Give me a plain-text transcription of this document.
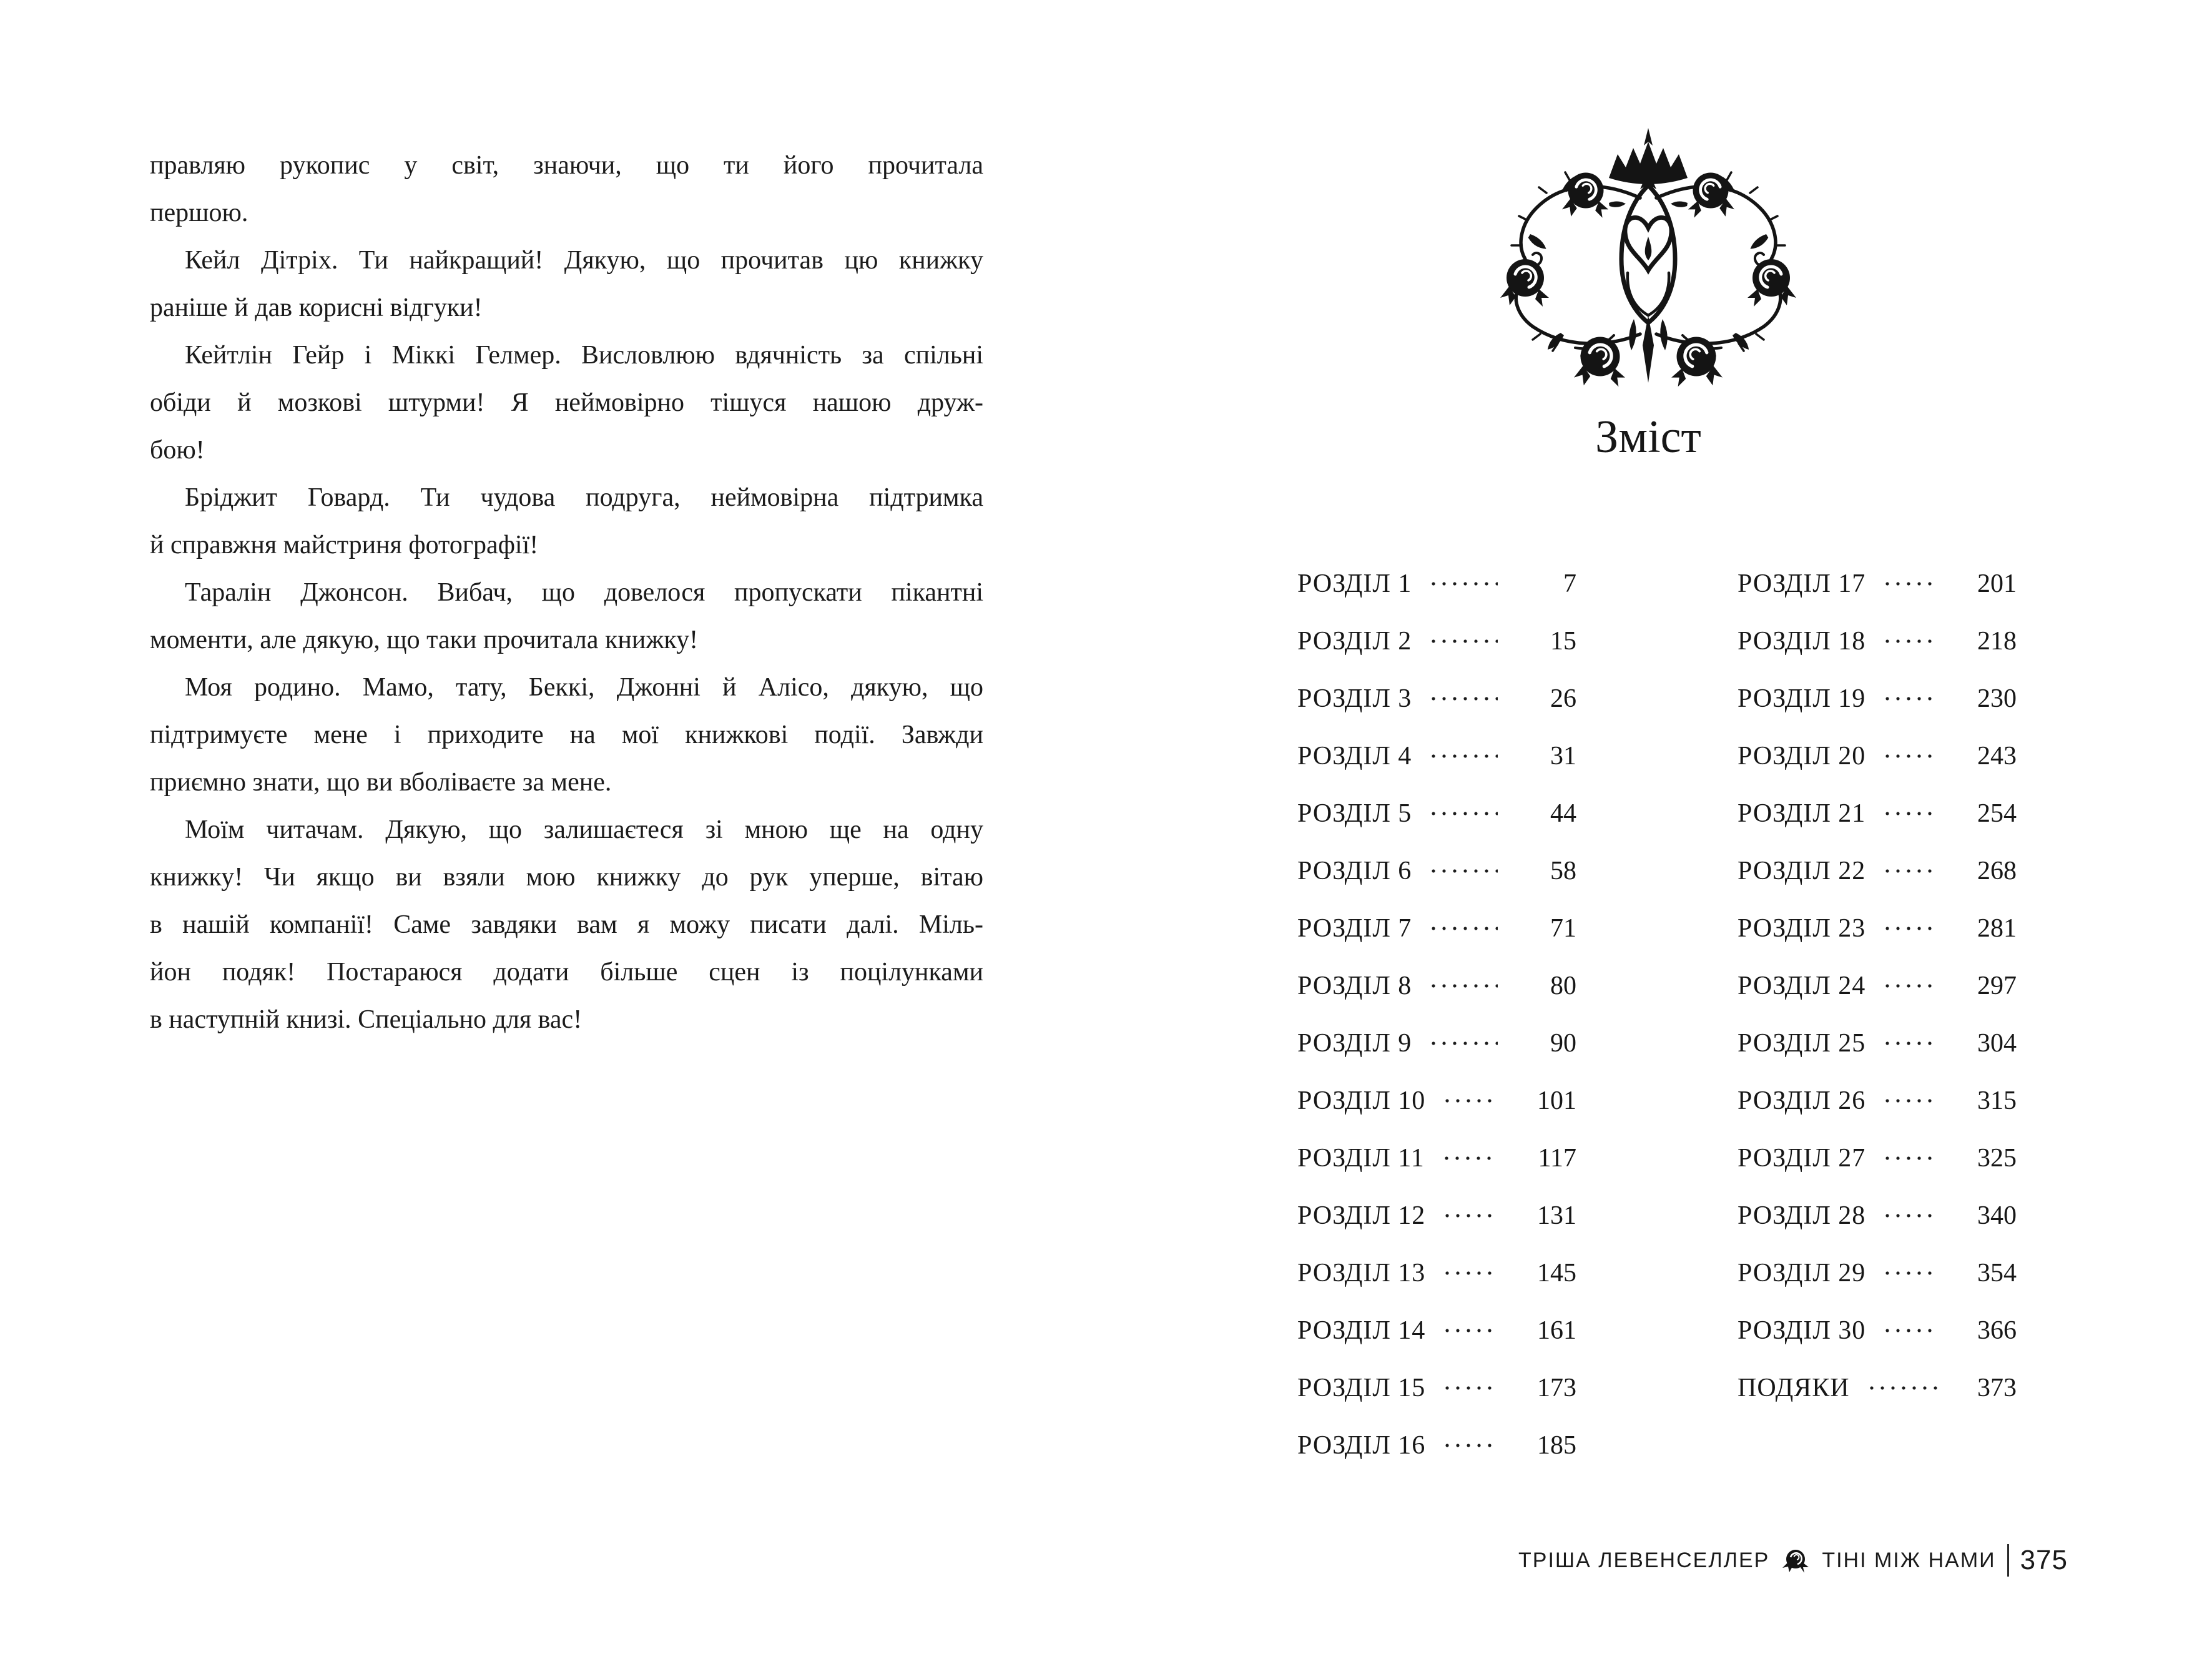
правляю рукопис у світ, знаючи, що ти його прочитала
першою.
Кейл Дітріх. Ти найкращий! Дякую, що прочитав цю книжку
раніше й дав корисні відгуки!
Кейтлін Гейр і Міккі Гелмер. Висловлюю вдячність за спільні
обіди й мозкові штурми! Я неймовірно тішуся нашою друж-
бою!
Бріджит Говард. Ти чудова подруга, неймовірна підтримка
й справжня майстриня фотографії!
Таралін Джонсон. Вибач, що довелося пропускати пікантні
моменти, але дякую, що таки прочитала книжку!
Моя родино. Мамо, тату, Беккі, Джонні й Алісо, дякую, що
підтримуєте мене і приходите на мої книжкові події. Завжди
приємно знати, що ви вболіваєте за мене.
Моїм читачам. Дякую, що залишаєтеся зі мною ще на одну
книжку! Чи якщо ви взяли мою книжку до рук уперше, вітаю
в нашій компанії! Саме завдяки вам я можу писати далі. Міль-
йон подяк! Постараюся додати більше сцен із поцілунками
в наступній книзі. Спеціально для вас!
Зміст
РОЗДІЛ 1	7
РОЗДІЛ 2	15
РОЗДІЛ 3	26
РОЗДІЛ 4	31
РОЗДІЛ 5	44
РОЗДІЛ 6	58
РОЗДІЛ 7	71
РОЗДІЛ 8	80
РОЗДІЛ 9	90
РОЗДІЛ 10	101
РОЗДІЛ 11	117
РОЗДІЛ 12	131
РОЗДІЛ 13	145
РОЗДІЛ 14	161
РОЗДІЛ 15	173
РОЗДІЛ 16	185
РОЗДІЛ 17	201
РОЗДІЛ 18	218
РОЗДІЛ 19	230
РОЗДІЛ 20	243
РОЗДІЛ 21	254
РОЗДІЛ 22	268
РОЗДІЛ 23	281
РОЗДІЛ 24	297
РОЗДІЛ 25	304
РОЗДІЛ 26	315
РОЗДІЛ 27	325
РОЗДІЛ 28	340
РОЗДІЛ 29	354
РОЗДІЛ 30	366
ПОДЯКИ	373
ТРІША ЛЕВЕНСЕЛЛЕР ТІНІ МІЖ НАМИ 375
